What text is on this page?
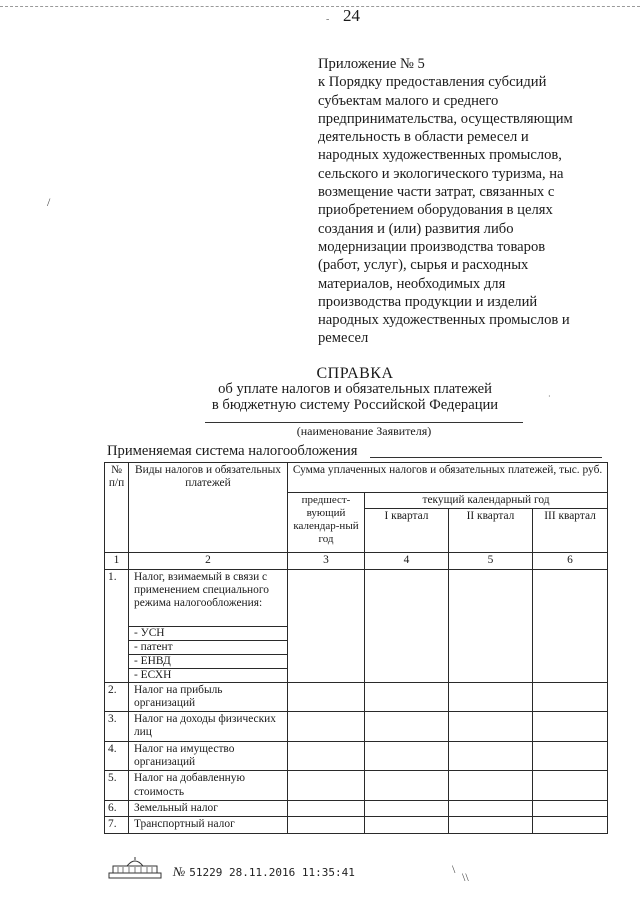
- 24
/
·
Приложение № 5
к Порядку предоставления субсидий
субъектам малого и среднего
предпринимательства, осуществляющим
деятельность в области ремесел и
народных художественных промыслов,
сельского и экологического туризма, на
возмещение части затрат, связанных с
приобретением оборудования в целях
создания и (или) развития либо
модернизации производства товаров
(работ, услуг), сырья и расходных
материалов, необходимых для
производства продукции и изделий
народных художественных промыслов и
ремесел
СПРАВКА
об уплате налогов и обязательных платежей
в бюджетную систему Российской Федерации
(наименование Заявителя)
Применяемая система налогообложения
№ п/п	Виды налогов и обязательных платежей	Сумма уплаченных налогов и обязательных платежей, тыс. руб.			
		предшест-вующий календар-ный год	текущий календарный год		
			I квартал	II квартал	III квартал
1	2	3	4	5	6
1.	Налог, взимаемый в связи с применением специального режима налогообложения:				
	- УСН				
	- патент				
	- ЕНВД				
	- ЕСХН				
2.	Налог на прибыль организаций				
3.	Налог на доходы физических лиц				
4.	Налог на имущество организаций				
5.	Налог на добавленную стоимость				
6.	Земельный налог				
7.	Транспортный налог				
№ 51229 28.11.2016 11:35:41	\
\\
